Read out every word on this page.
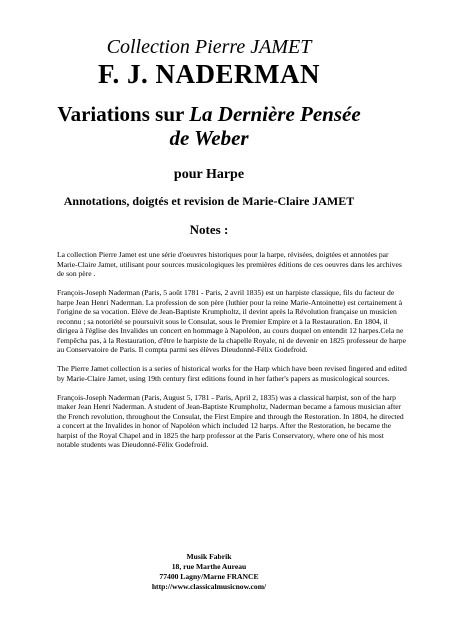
Collection Pierre JAMET
F. J. NADERMAN
Variations sur La Dernière Pensée
de Weber
pour Harpe
Annotations, doigtés et revision de Marie-Claire JAMET
Notes :

La collection Pierre Jamet est une série d'oeuvres historiques pour la harpe, révisées, doigtées et annotées par Marie-Claire Jamet, utilisant pour sources musicologiques les premières éditions de ces oeuvres dans les archives de son père .

François-Joseph Naderman (Paris, 5 août 1781 - Paris, 2 avril 1835) est un harpiste classique, fils du facteur de harpe Jean Henri Naderman. La profession de son père (luthier pour la reine Marie-Antoinette) est certainement à l'origine de sa vocation. Elève de Jean-Baptiste Krumpholtz, il devint après la Révolution française un musicien reconnu ; sa notoriété se poursuivit sous le Consulat, sous le Premier Empire et à la Restauration. En 1804, il dirigea à l'église des Invalides un concert en hommage à Napoléon, au cours duquel on entendit 12 harpes.Cela ne l'empêcha pas, à la Restauration, d'être le harpiste de la chapelle Royale, ni de devenir en 1825 professeur de harpe au Conservatoire de Paris. Il compta parmi ses élèves Dieudonné-Félix Godefroid.

The Pierre Jamet collection is a series of historical works for the Harp which have been revised fingered and edited by Marie-Claire Jamet, using 19th century first editions found in her father's papers as musicological sources.

François-Joseph Naderman (Paris, August 5, 1781 - Paris, April 2, 1835) was a classical harpist, son of the harp maker Jean Henri Naderman. A student of Jean-Baptiste Krumpholtz, Naderman became a famous musician after the French revolution, throughout the Consulat, the First Empire and through the Restoration. In 1804, he directed a concert at the Invalides in honor of Napoléon which included 12 harps. After the Restoration, he became the harpist of the Royal Chapel and in 1825 the harp professor at the Paris Conservatory, where one of his most notable students was Dieudonné-Félix Godefroid.

Musik Fabrik
18, rue Marthe Aureau
77400 Lagny/Marne FRANCE
http://www.classicalmusicnow.com/
